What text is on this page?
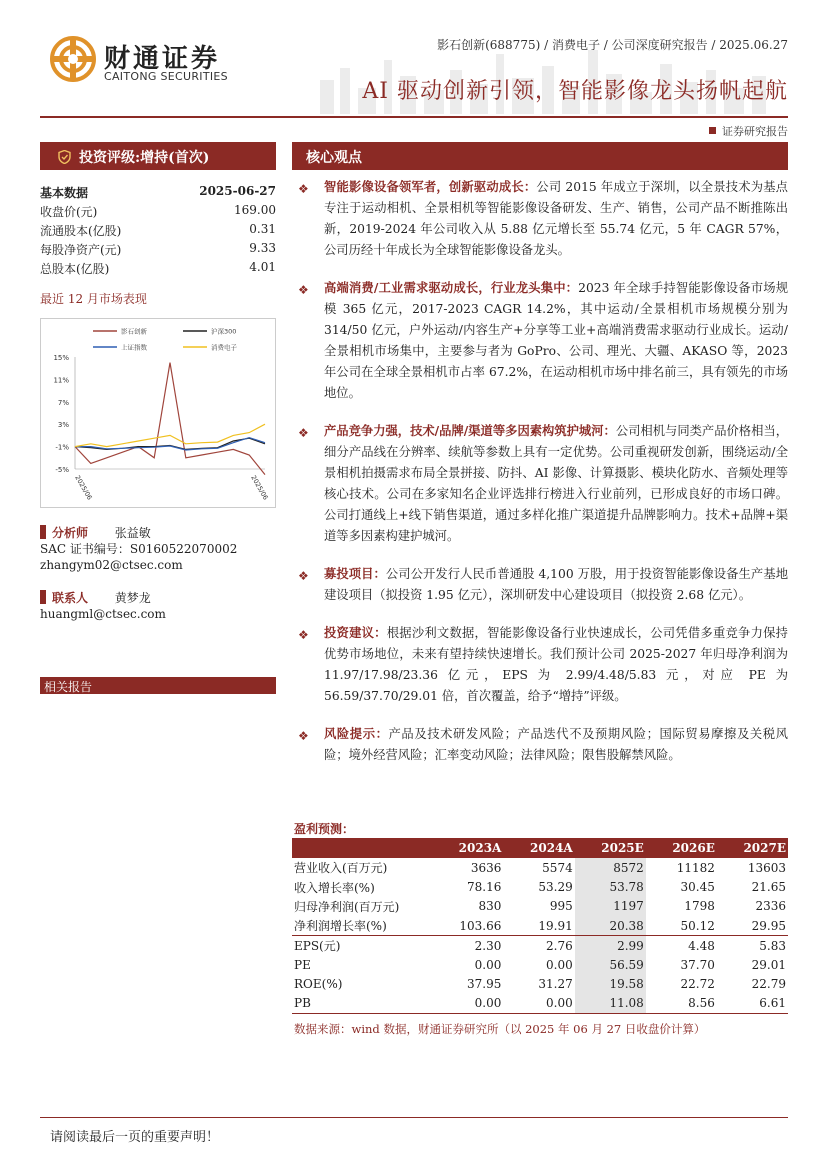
财通证券
CAITONG SECURITIES
影石创新(688775) / 消费电子 / 公司深度研究报告 / 2025.06.27
AI 驱动创新引领，智能影像龙头扬帆起航
证券研究报告
投资评级:增持(首次)
基本数据	2025-06-27
收盘价(元)	169.00
流通股本(亿股)	0.31
每股净资产(元)	9.33
总股本(亿股)	4.01
最近 12 月市场表现
15%
11%
7%
3%
-1%
-5%
2025/06	2025/06
影石创新	沪深300
上证指数	消费电子
分析师 张益敏
SAC 证书编号：S0160522070002
zhangym02@ctsec.com
联系人 黄梦龙
huangml@ctsec.com
相关报告
核心观点
❖ 智能影像设备领军者，创新驱动成长：公司 2015 年成立于深圳，以全景技术为基点专注于运动相机、全景相机等智能影像设备研发、生产、销售，公司产品不断推陈出新，2019-2024 年公司收入从 5.88 亿元增长至 55.74 亿元，5 年 CAGR 57%，公司历经十年成长为全球智能影像设备龙头。
❖ 高端消费/工业需求驱动成长，行业龙头集中：2023 年全球手持智能影像设备市场规模 365 亿元，2017-2023 CAGR 14.2%，其中运动/全景相机市场规模分别为 314/50 亿元，户外运动/内容生产+分享等工业+高端消费需求驱动行业成长。运动/全景相机市场集中，主要参与者为 GoPro、公司、理光、大疆、AKASO 等，2023 年公司在全球全景相机市占率 67.2%，在运动相机市场中排名前三，具有领先的市场地位。
❖ 产品竞争力强，技术/品牌/渠道等多因素构筑护城河：公司相机与同类产品价格相当，细分产品线在分辨率、续航等参数上具有一定优势。公司重视研发创新，围绕运动/全景相机拍摄需求布局全景拼接、防抖、AI 影像、计算摄影、模块化防水、音频处理等核心技术。公司在多家知名企业评选排行榜进入行业前列，已形成良好的市场口碑。公司打通线上+线下销售渠道，通过多样化推广渠道提升品牌影响力。技术+品牌+渠道等多因素构建护城河。
❖ 募投项目：公司公开发行人民币普通股 4,100 万股，用于投资智能影像设备生产基地建设项目（拟投资 1.95 亿元），深圳研发中心建设项目（拟投资 2.68 亿元）。
❖ 投资建议：根据沙利文数据，智能影像设备行业快速成长，公司凭借多重竞争力保持优势市场地位，未来有望持续快速增长。我们预计公司 2025-2027 年归母净利润为 11.97/17.98/23.36 亿元，EPS 为 2.99/4.48/5.83 元，对应 PE 为 56.59/37.70/29.01 倍，首次覆盖，给予“增持”评级。
❖ 风险提示：产品及技术研发风险；产品迭代不及预期风险；国际贸易摩擦及关税风险；境外经营风险；汇率变动风险；法律风险；限售股解禁风险。
盈利预测：
	2023A	2024A	2025E	2026E	2027E
营业收入(百万元)	3636	5574	8572	11182	13603
收入增长率(%)	78.16	53.29	53.78	30.45	21.65
归母净利润(百万元)	830	995	1197	1798	2336
净利润增长率(%)	103.66	19.91	20.38	50.12	29.95
EPS(元)	2.30	2.76	2.99	4.48	5.83
PE	0.00	0.00	56.59	37.70	29.01
ROE(%)	37.95	31.27	19.58	22.72	22.79
PB	0.00	0.00	11.08	8.56	6.61
数据来源：wind 数据，财通证券研究所（以 2025 年 06 月 27 日收盘价计算）
请阅读最后一页的重要声明！
